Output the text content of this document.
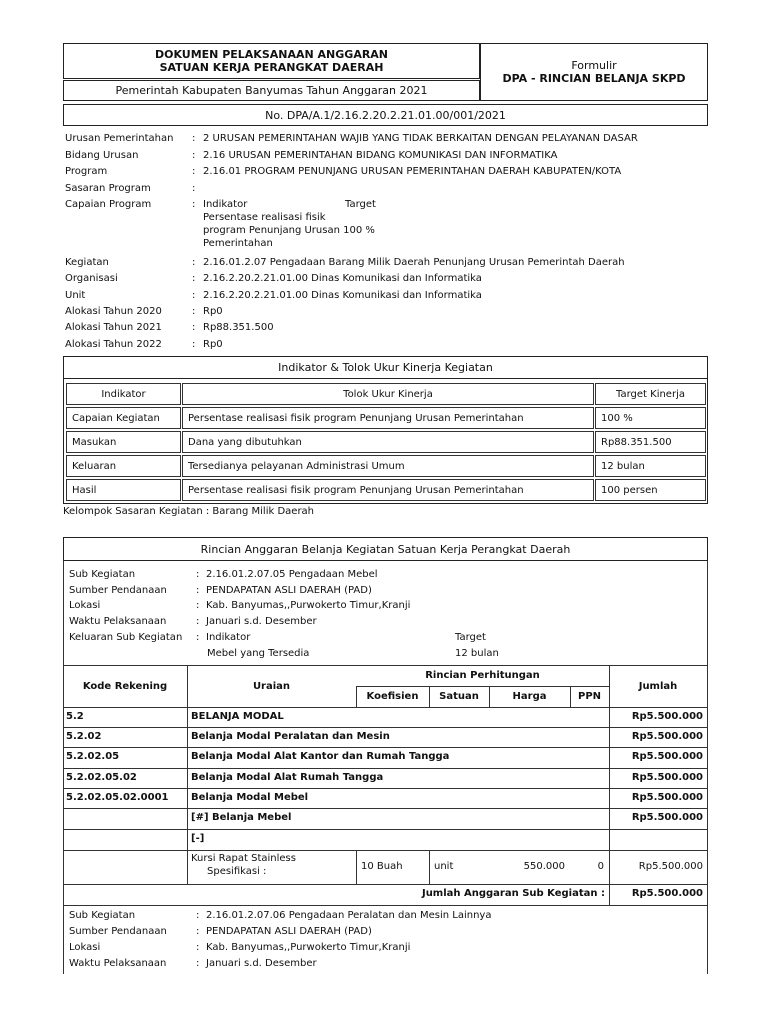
DOKUMEN PELAKSANAAN ANGGARAN
SATUAN KERJA PERANGKAT DAERAH	Formulir
DPA - RINCIAN BELANJA SKPD
Pemerintah Kabupaten Banyumas Tahun Anggaran 2021
No. DPA/A.1/2.16.2.20.2.21.01.00/001/2021
Urusan Pemerintahan : 2 URUSAN PEMERINTAHAN WAJIB YANG TIDAK BERKAITAN DENGAN PELAYANAN DASAR
Bidang Urusan	: 2.16 URUSAN PEMERINTAHAN BIDANG KOMUNIKASI DAN INFORMATIKA
Program	: 2.16.01 PROGRAM PENUNJANG URUSAN PEMERINTAHAN DAERAH KABUPATEN/KOTA
Sasaran Program	:
Capaian Program	: Indikator	Target
Persentase realisasi fisik
program Penunjang Urusan 100 %
Pemerintahan
Kegiatan	: 2.16.01.2.07 Pengadaan Barang Milik Daerah Penunjang Urusan Pemerintah Daerah
Organisasi	: 2.16.2.20.2.21.01.00 Dinas Komunikasi dan Informatika
Unit	: 2.16.2.20.2.21.01.00 Dinas Komunikasi dan Informatika
Alokasi Tahun 2020	: Rp0
Alokasi Tahun 2021	: Rp88.351.500
Alokasi Tahun 2022	: Rp0
Indikator & Tolok Ukur Kinerja Kegiatan
Indikator	Tolok Ukur Kinerja	Target Kinerja
Capaian Kegiatan	Persentase realisasi fisik program Penunjang Urusan Pemerintahan	100 %
Masukan	Dana yang dibutuhkan	Rp88.351.500
Keluaran	Tersedianya pelayanan Administrasi Umum	12 bulan
Hasil	Persentase realisasi fisik program Penunjang Urusan Pemerintahan	100 persen
Kelompok Sasaran Kegiatan : Barang Milik Daerah
Rincian Anggaran Belanja Kegiatan Satuan Kerja Perangkat Daerah
Sub Kegiatan	: 2.16.01.2.07.05 Pengadaan Mebel
Sumber Pendanaan	: PENDAPATAN ASLI DAERAH (PAD)
Lokasi	: Kab. Banyumas,,Purwokerto Timur,Kranji
Waktu Pelaksanaan	: Januari s.d. Desember
Keluaran Sub Kegiatan : Indikator	Target
Mebel yang Tersedia	12 bulan
Kode Rekening	Uraian
Rincian Perhitungan
Koefisien	Satuan	Harga	PPN
Jumlah
5.2	BELANJA MODAL	Rp5.500.000
5.2.02	Belanja Modal Peralatan dan Mesin	Rp5.500.000
5.2.02.05	Belanja Modal Alat Kantor dan Rumah Tangga	Rp5.500.000
5.2.02.05.02	Belanja Modal Alat Rumah Tangga	Rp5.500.000
5.2.02.05.02.0001 Belanja Modal Mebel	Rp5.500.000
[#] Belanja Mebel	Rp5.500.000
[-]
Kursi Rapat Stainless
Spesifikasi :	10 Buah	unit	550.000	0	Rp5.500.000
Jumlah Anggaran Sub Kegiatan :	Rp5.500.000
Sub Kegiatan	: 2.16.01.2.07.06 Pengadaan Peralatan dan Mesin Lainnya
Sumber Pendanaan	: PENDAPATAN ASLI DAERAH (PAD)
Lokasi	: Kab. Banyumas,,Purwokerto Timur,Kranji
Waktu Pelaksanaan	: Januari s.d. Desember
